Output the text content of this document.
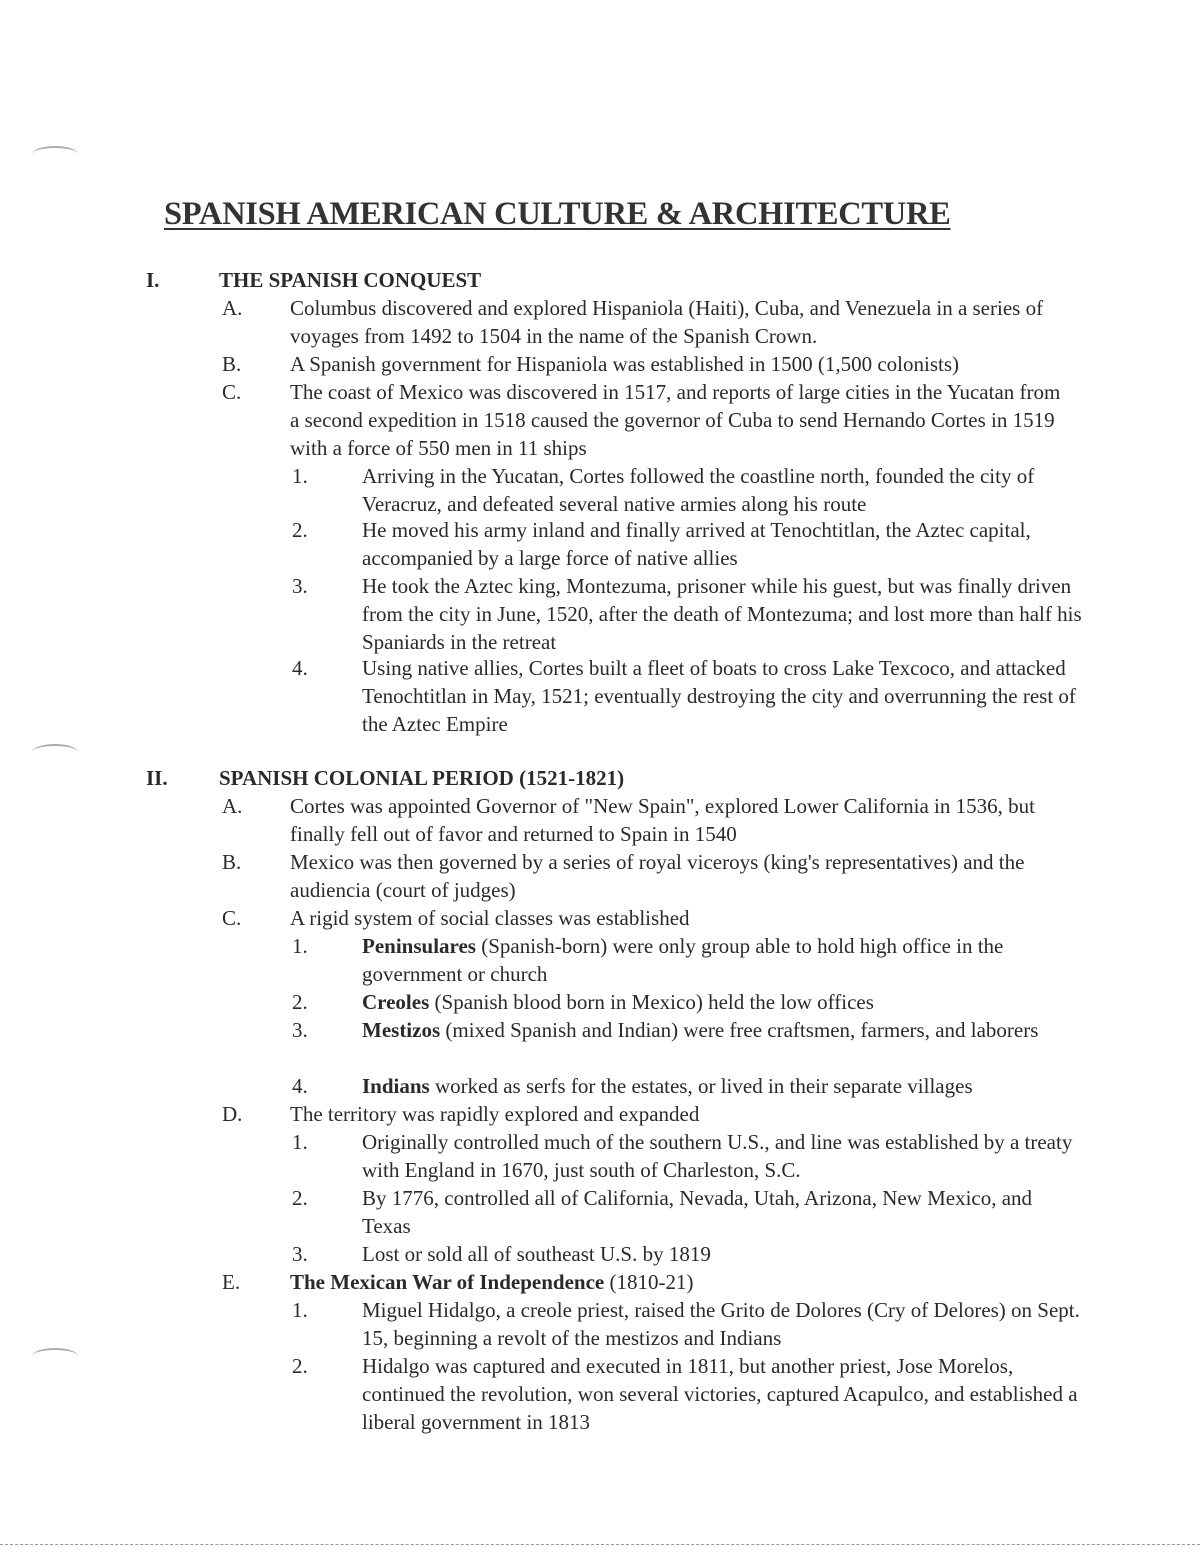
SPANISH AMERICAN CULTURE & ARCHITECTURE
I.	THE SPANISH CONQUEST
A. Columbus discovered and explored Hispaniola (Haiti), Cuba, and Venezuela in a series of voyages from 1492 to 1504 in the name of the Spanish Crown.
B. A Spanish government for Hispaniola was established in 1500 (1,500 colonists)
C. The coast of Mexico was discovered in 1517, and reports of large cities in the Yucatan from a second expedition in 1518 caused the governor of Cuba to send Hernando Cortes in 1519 with a force of 550 men in 11 ships
1.	Arriving in the Yucatan, Cortes followed the coastline north, founded the city of Veracruz, and defeated several native armies along his route
2.	He moved his army inland and finally arrived at Tenochtitlan, the Aztec capital, accompanied by a large force of native allies
3.	He took the Aztec king, Montezuma, prisoner while his guest, but was finally driven from the city in June, 1520, after the death of Montezuma; and lost more than half his Spaniards in the retreat
4.	Using native allies, Cortes built a fleet of boats to cross Lake Texcoco, and attacked Tenochtitlan in May, 1521; eventually destroying the city and overrunning the rest of the Aztec Empire
II. SPANISH COLONIAL PERIOD (1521-1821)
A. Cortes was appointed Governor of "New Spain", explored Lower California in 1536, but finally fell out of favor and returned to Spain in 1540
B. Mexico was then governed by a series of royal viceroys (king's representatives) and the audiencia (court of judges)
C. A rigid system of social classes was established
1.	Peninsulares (Spanish-born) were only group able to hold high office in the government or church
2.	Creoles (Spanish blood born in Mexico) held the low offices
3.	Mestizos (mixed Spanish and Indian) were free craftsmen, farmers, and laborers
4.	Indians worked as serfs for the estates, or lived in their separate villages
D. The territory was rapidly explored and expanded
1.	Originally controlled much of the southern U.S., and line was established by a treaty with England in 1670, just south of Charleston, S.C.
2.	By 1776, controlled all of California, Nevada, Utah, Arizona, New Mexico, and Texas
3.	Lost or sold all of southeast U.S. by 1819
E. The Mexican War of Independence (1810-21)
1.	Miguel Hidalgo, a creole priest, raised the Grito de Dolores (Cry of Delores) on Sept. 15, beginning a revolt of the mestizos and Indians
2.	Hidalgo was captured and executed in 1811, but another priest, Jose Morelos, continued the revolution, won several victories, captured Acapulco, and established a liberal government in 1813
